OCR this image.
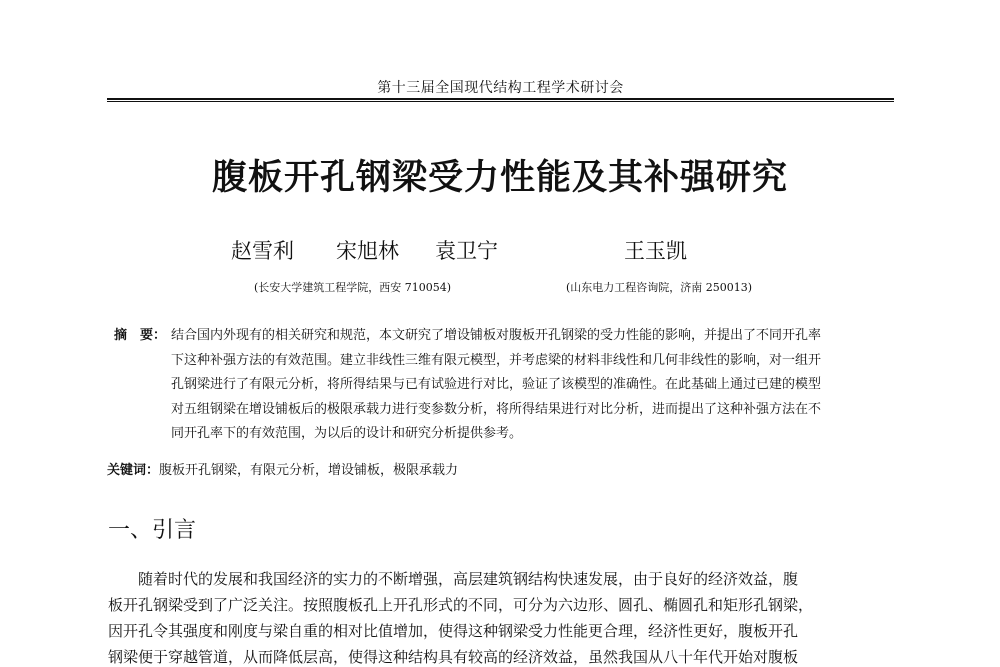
第十三届全国现代结构工程学术研讨会
腹板开孔钢梁受力性能及其补强研究
赵雪利 宋旭林 袁卫宁	王玉凯
(长安大学建筑工程学院，西安 710054)	(山东电力工程咨询院，济南 250013)
摘　要： 结合国内外现有的相关研究和规范，本文研究了增设铺板对腹板开孔钢梁的受力性能的影响，并提出了不同开孔率
下这种补强方法的有效范围。建立非线性三维有限元模型，并考虑梁的材料非线性和几何非线性的影响，对一组开
孔钢梁进行了有限元分析，将所得结果与已有试验进行对比，验证了该模型的准确性。在此基础上通过已建的模型
对五组钢梁在增设铺板后的极限承载力进行变参数分析，将所得结果进行对比分析，进而提出了这种补强方法在不
同开孔率下的有效范围，为以后的设计和研究分析提供参考。
关键词：腹板开孔钢梁，有限元分析，增设铺板，极限承载力
一、引言
　　随着时代的发展和我国经济的实力的不断增强，高层建筑钢结构快速发展，由于良好的经济效益，腹
板开孔钢梁受到了广泛关注。按照腹板孔上开孔形式的不同，可分为六边形、圆孔、椭圆孔和矩形孔钢梁，
因开孔令其强度和刚度与梁自重的相对比值增加，使得这种钢梁受力性能更合理，经济性更好，腹板开孔
钢梁便于穿越管道，从而降低层高，使得这种结构具有较高的经济效益，虽然我国从八十年代开始对腹板
